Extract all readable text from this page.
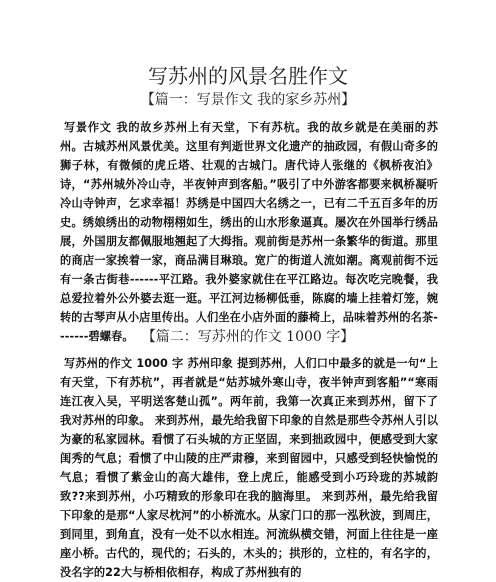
写苏州的风景名胜作文
【篇一：写景作文 我的家乡苏州】
写景作文 我的故乡苏州上有天堂，下有苏杭。我的故乡就是在美丽的苏州。古城苏州风景优美。这里有判逝世界文化遗产的抽政园，有假山奇多的狮子林，有微倾的虎丘塔、壮观的古城门。唐代诗人张继的《枫桥夜泊》诗，“苏州城外冷山寺，半夜钟声到客船。”吸引了中外游客都要来枫桥凝听冷山寺钟声，乞求幸福！苏绣是中国四大名绣之一，已有二千五百多年的历史。绣娘绣出的动物栩栩如生，绣出的山水形象逼真。屡次在外国举行绣品展，外国朋友都佩服地翘起了大拇指。观前街是苏州一条繁华的街道。那里的商店一家挨着一家，商品满目琳琅。宽广的街道人流如潮。离观前街不远有一条古街巷------平江路。我外婆家就住在平江路边。每次吃完晚餐，我总爱拉着外公外婆去逛一逛。平江河边杨柳低垂，陈腐的墙上挂着灯笼，婉转的古琴声从小店里传出。人们坐在小店外面的藤椅上，品味着苏州的名茶-------碧螺春。 【篇二：写苏州的作文 1000 字】
写苏州的作文 1000 字 苏州印象 提到苏州，人们口中最多的就是一句“上有天堂，下有苏杭”，再者就是“姑苏城外寒山寺，夜半钟声到客船”“寒雨连江夜入吴，平明送客楚山孤”。两年前，我第一次真正来到苏州，留下了我对苏州的印象。 来到苏州，最先给我留下印象的自然是那些令苏州人引以为豪的私家园林。看惯了石头城的方正坚固，来到拙政园中，便感受到大家闺秀的气息；看惯了中山陵的庄严肃穆，来到留园中，只感受到轻快愉悦的气息；看惯了紫金山的高大雄伟，登上虎丘，能感受到小巧玲珑的苏城韵致??来到苏州，小巧精致的形象印在我的脑海里。 来到苏州，最先给我留下印象的是那“人家尽枕河”的小桥流水。从家门口的那一泓秋波，到周庄，到同里，到角直，没有一处不以水相连。河流纵横交错，河面上往往是一座座小桥。古代的，现代的；石头的，木头的；拱形的，立柱的，有名字的，没名字的22大与桥相依相存，构成了苏州独有的
